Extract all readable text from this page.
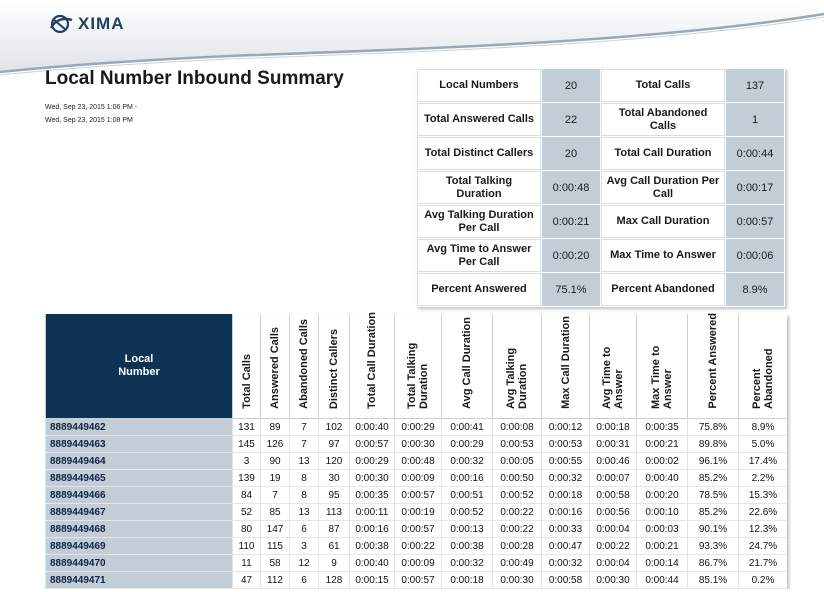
XIMA
Local Number Inbound Summary
Wed, Sep 23, 2015 1:06 PM -
Wed, Sep 23, 2015 1:08 PM
Local Numbers	20	Total Calls	137
Total Answered Calls	22	Total Abandoned Calls	1
Total Distinct Callers	20	Total Call Duration	0:00:44
Total Talking Duration	0:00:48	Avg Call Duration Per Call	0:00:17
Avg Talking Duration Per Call	0:00:21	Max Call Duration	0:00:57
Avg Time to Answer Per Call	0:00:20	Max Time to Answer	0:00:06
Percent Answered	75.1%	Percent Abandoned	8.9%
Local Number	Total Calls	Answered Calls	Abandoned Calls	Distinct Callers	Total Call Duration	Total Talking Duration	Avg Call Duration	Avg Talking Duration	Max Call Duration	Avg Time to Answer	Max Time to Answer	Percent Answered	Percent Abandoned
8889449462	131	89	7	102	0:00:40	0:00:29	0:00:41	0:00:08	0:00:12	0:00:18	0:00:35	75.8%	8.9%
8889449463	145	126	7	97	0:00:57	0:00:30	0:00:29	0:00:53	0:00:53	0:00:31	0:00:21	89.8%	5.0%
8889449464	3	90	13	120	0:00:29	0:00:48	0:00:32	0:00:05	0:00:55	0:00:46	0:00:02	96.1%	17.4%
8889449465	139	19	8	30	0:00:30	0:00:09	0:00:16	0:00:50	0:00:32	0:00:07	0:00:40	85.2%	2.2%
8889449466	84	7	8	95	0:00:35	0:00:57	0:00:51	0:00:52	0:00:18	0:00:58	0:00:20	78.5%	15.3%
8889449467	52	85	13	113	0:00:11	0:00:19	0:00:52	0:00:22	0:00:16	0:00:56	0:00:10	85.2%	22.6%
8889449468	80	147	6	87	0:00:16	0:00:57	0:00:13	0:00:22	0:00:33	0:00:04	0:00:03	90.1%	12.3%
8889449469	110	115	3	61	0:00:38	0:00:22	0:00:38	0:00:28	0:00:47	0:00:22	0:00:21	93.3%	24.7%
8889449470	11	58	12	9	0:00:40	0:00:09	0:00:32	0:00:49	0:00:32	0:00:04	0:00:14	86.7%	21.7%
8889449471	47	112	6	128	0:00:15	0:00:57	0:00:18	0:00:30	0:00:58	0:00:30	0:00:44	85.1%	0.2%
